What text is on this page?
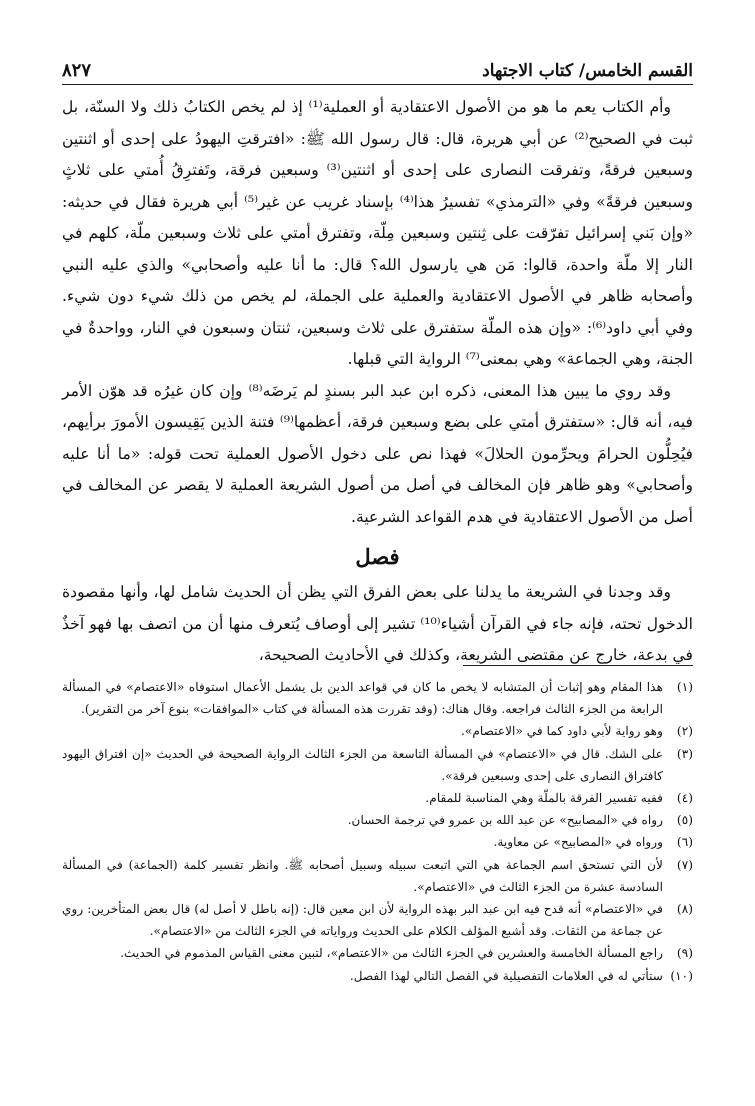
القسم الخامس/ كتاب الاجتهاد
٨٢٧

وأم الكتاب يعم ما هو من الأصول الاعتقادية أو العملية⁽¹⁾ إذ لم يخص الكتابُ ذلك ولا السنّة، بل ثبت في الصحيح⁽²⁾ عن أبي هريرة، قال: قال رسول الله ﷺ: «افترقتِ اليهودُ على إحدى أو اثنتين وسبعين فرقةً، وتفرقت النصارى على إحدى أو اثنتين⁽³⁾ وسبعين فرقة، وتَفترِقُ أُمتي على ثلاثٍ وسبعين فرقةً» وفي «الترمذي» تفسيرُ هذا⁽⁴⁾ بإسناد غريب عن غير⁽⁵⁾ أبي هريرة فقال في حديثه: «وإن بَني إسرائيل تفرّقت على ثِنتين وسبعين مِلّة، وتفترق أمتي على ثلاث وسبعين ملّة، كلهم في النار إلا ملّة واحدة، قالوا: مَن هي يارسول الله؟ قال: ما أنا عليه وأصحابي» والذي عليه النبي وأصحابه ظاهر في الأصول الاعتقادية والعملية على الجملة، لم يخص من ذلك شيء دون شيء. وفي أبي داود⁽⁶⁾: «وإن هذه الملّة ستفترق على ثلاث وسبعين، ثنتان وسبعون في النار، وواحدةٌ في الجنة، وهي الجماعة» وهي بمعنى⁽⁷⁾ الرواية التي قبلها.

وقد روي ما يبين هذا المعنى، ذكره ابن عبد البر بسندٍ لم يَرضَه⁽⁸⁾ وإن كان غيرُه قد هوّن الأمر فيه، أنه قال: «ستفترق أمتي على بضع وسبعين فرقة، أعظمها⁽⁹⁾ فتنة الذين يَقِيسون الأمورَ برأيهم، فيُحِلُّون الحرامَ ويحرِّمون الحلالَ» فهذا نص على دخول الأصول العملية تحت قوله: «ما أنا عليه وأصحابي» وهو ظاهر فإن المخالف في أصل من أصول الشريعة العملية لا يقصر عن المخالف في أصل من الأصول الاعتقادية في هدم القواعد الشرعية.

فصل

وقد وجدنا في الشريعة ما يدلنا على بعض الفرق التي يظن أن الحديث شامل لها، وأنها مقصودة الدخول تحته، فإنه جاء في القرآن أشياء⁽¹⁰⁾ تشير إلى أوصاف يُتعرف منها أن من اتصف بها فهو آخذٌ في بدعة، خارج عن مقتضى الشريعة، وكذلك في الأحاديث الصحيحة،

(١)
هذا المقام وهو إثبات أن المتشابه لا يخص ما كان في قواعد الدين بل يشمل الأعمال استوفاه «الاعتصام» في المسألة الرابعة من الجزء الثالث فراجعه. وقال هناك: (وقد تقررت هذه المسألة في كتاب «الموافقات» بنوع آخر من التقرير).
(٢)
وهو رواية لأبي داود كما في «الاعتصام».
(٣)
على الشك. قال في «الاعتصام» في المسألة التاسعة من الجزء الثالث الرواية الصحيحة في الحديث «إن افتراق اليهود كافتراق النصارى على إحدى وسبعين فرقة».
(٤)
ففيه تفسير الفرقة بالملّة وهي المناسبة للمقام.
(٥)
رواه في «المصابيح» عن عبد الله بن عمرو في ترجمة الحسان.
(٦)
ورواه في «المصابيح» عن معاوية.
(٧)
لأن التي تستحق اسم الجماعة هي التي اتبعت سبيله وسبيل أصحابه ﷺ. وانظر تفسير كلمة (الجماعة) في المسألة السادسة عشرة من الجزء الثالث في «الاعتصام».
(٨)
في «الاعتصام» أنه قدح فيه ابن عبد البر بهذه الرواية لأن ابن معين قال: (إنه باطل لا أصل له) قال بعض المتأخرين: روي عن جماعة من الثقات. وقد أشبع المؤلف الكلام على الحديث ورواياته في الجزء الثالث من «الاعتصام».
(٩)
راجع المسألة الخامسة والعشرين في الجزء الثالث من «الاعتصام»، لتبين معنى القياس المذموم في الحديث.
(١٠)
ستأتي له في العلامات التفصيلية في الفصل التالي لهذا الفصل.
